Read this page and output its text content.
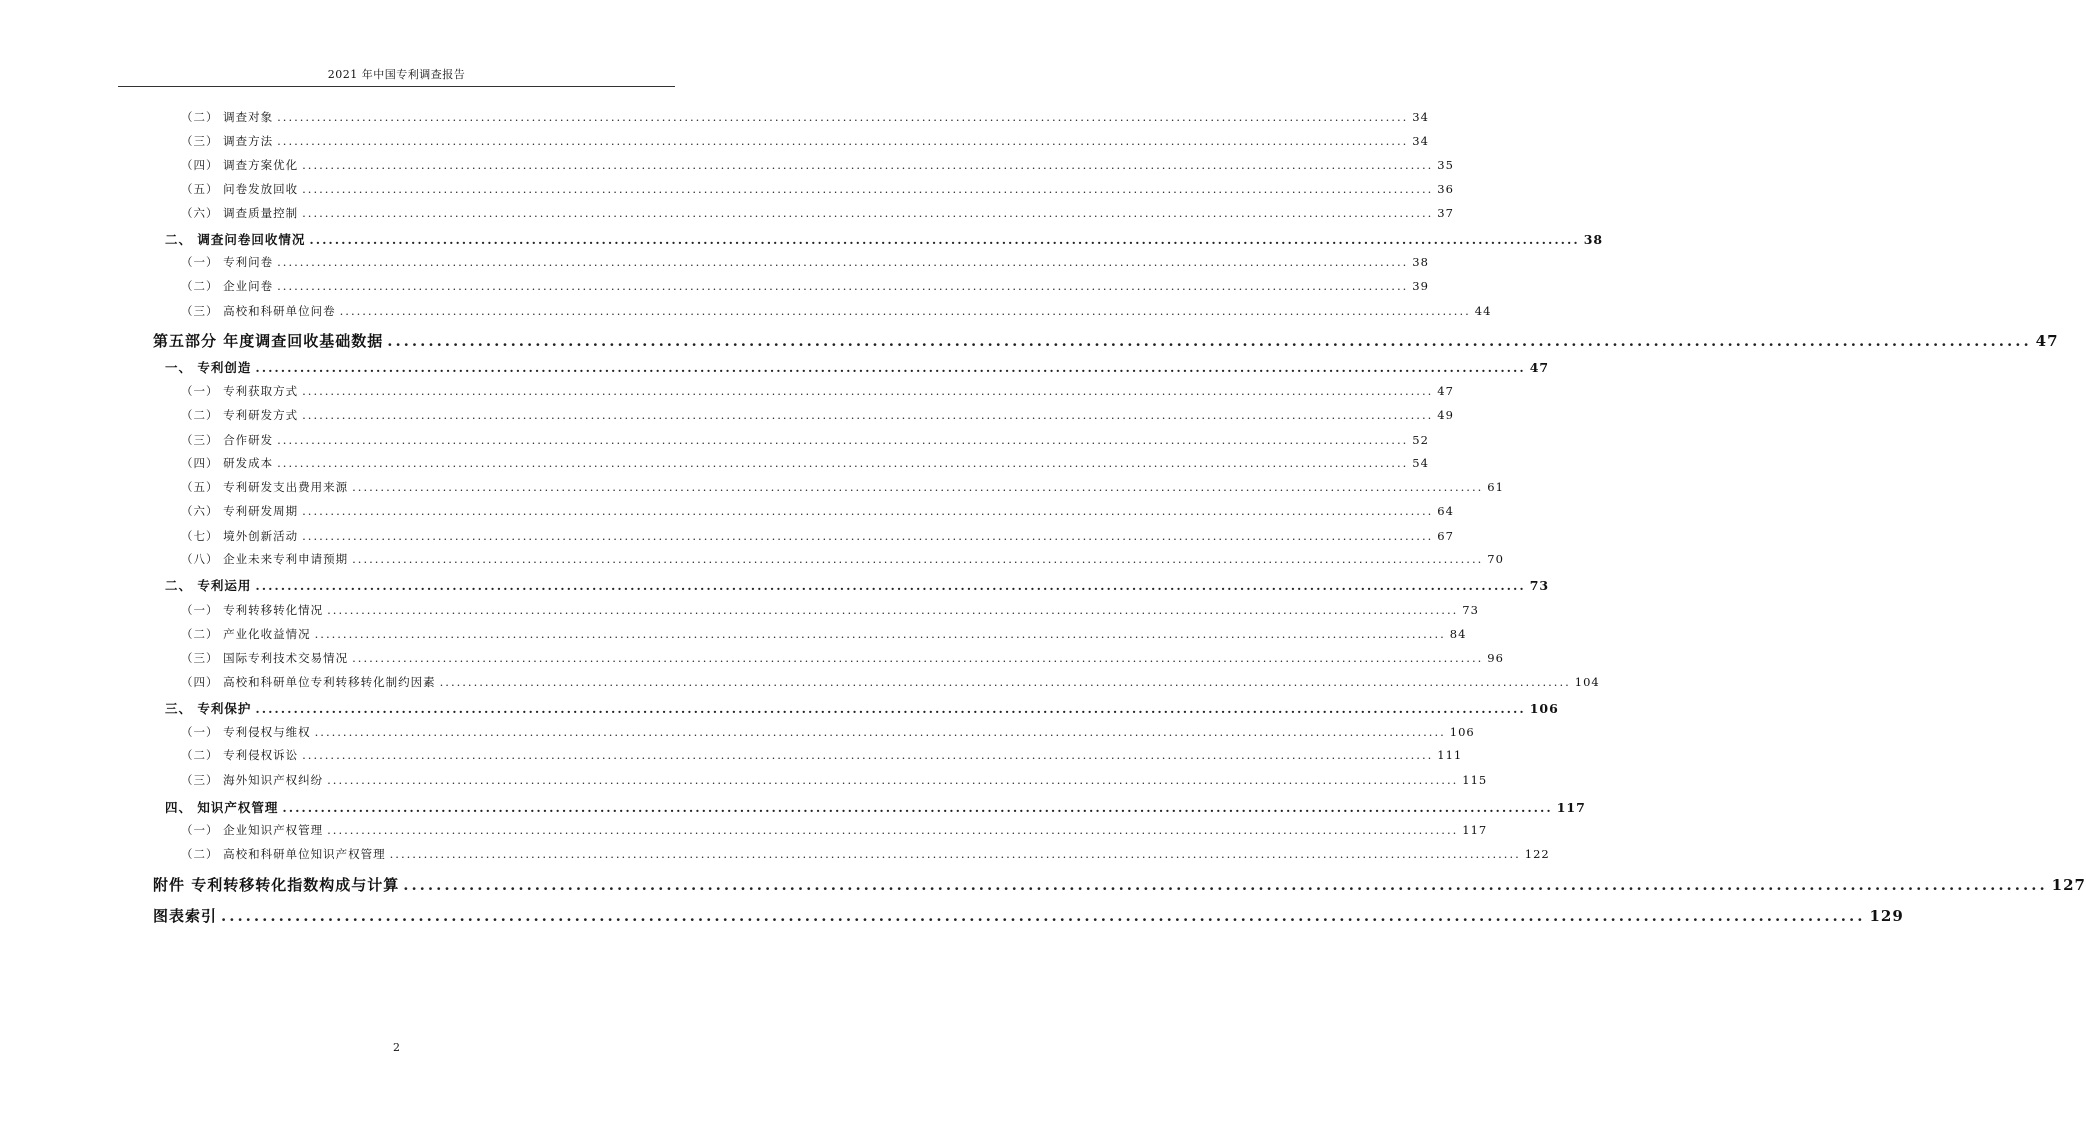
2021 年中国专利调查报告
（二） 调查对象 ........................................................................................................................................................................................................ 34
（三） 调查方法 ........................................................................................................................................................................................................ 34
（四） 调查方案优化 ........................................................................................................................................................................................................ 35
（五） 问卷发放回收 ........................................................................................................................................................................................................ 36
（六） 调查质量控制 ........................................................................................................................................................................................................ 37
二、 调查问卷回收情况 ........................................................................................................................................................................................................ 38
（一） 专利问卷 ........................................................................................................................................................................................................ 38
（二） 企业问卷 ........................................................................................................................................................................................................ 39
（三） 高校和科研单位问卷 ........................................................................................................................................................................................................ 44
第五部分 年度调查回收基础数据 ........................................................................................................................................................................................................ 47
一、 专利创造 ........................................................................................................................................................................................................ 47
（一） 专利获取方式 ........................................................................................................................................................................................................ 47
（二） 专利研发方式 ........................................................................................................................................................................................................ 49
（三） 合作研发 ........................................................................................................................................................................................................ 52
（四） 研发成本 ........................................................................................................................................................................................................ 54
（五） 专利研发支出费用来源 ........................................................................................................................................................................................................ 61
（六） 专利研发周期 ........................................................................................................................................................................................................ 64
（七） 境外创新活动 ........................................................................................................................................................................................................ 67
（八） 企业未来专利申请预期 ........................................................................................................................................................................................................ 70
二、 专利运用 ........................................................................................................................................................................................................ 73
（一） 专利转移转化情况 ........................................................................................................................................................................................................ 73
（二） 产业化收益情况 ........................................................................................................................................................................................................ 84
（三） 国际专利技术交易情况 ........................................................................................................................................................................................................ 96
（四） 高校和科研单位专利转移转化制约因素 ........................................................................................................................................................................................................ 104
三、 专利保护 ........................................................................................................................................................................................................ 106
（一） 专利侵权与维权 ........................................................................................................................................................................................................ 106
（二） 专利侵权诉讼 ........................................................................................................................................................................................................ 111
（三） 海外知识产权纠纷 ........................................................................................................................................................................................................ 115
四、 知识产权管理 ........................................................................................................................................................................................................ 117
（一） 企业知识产权管理 ........................................................................................................................................................................................................ 117
（二） 高校和科研单位知识产权管理 ........................................................................................................................................................................................................ 122
附件 专利转移转化指数构成与计算 ........................................................................................................................................................................................................ 127
图表索引 ........................................................................................................................................................................................................ 129
2
